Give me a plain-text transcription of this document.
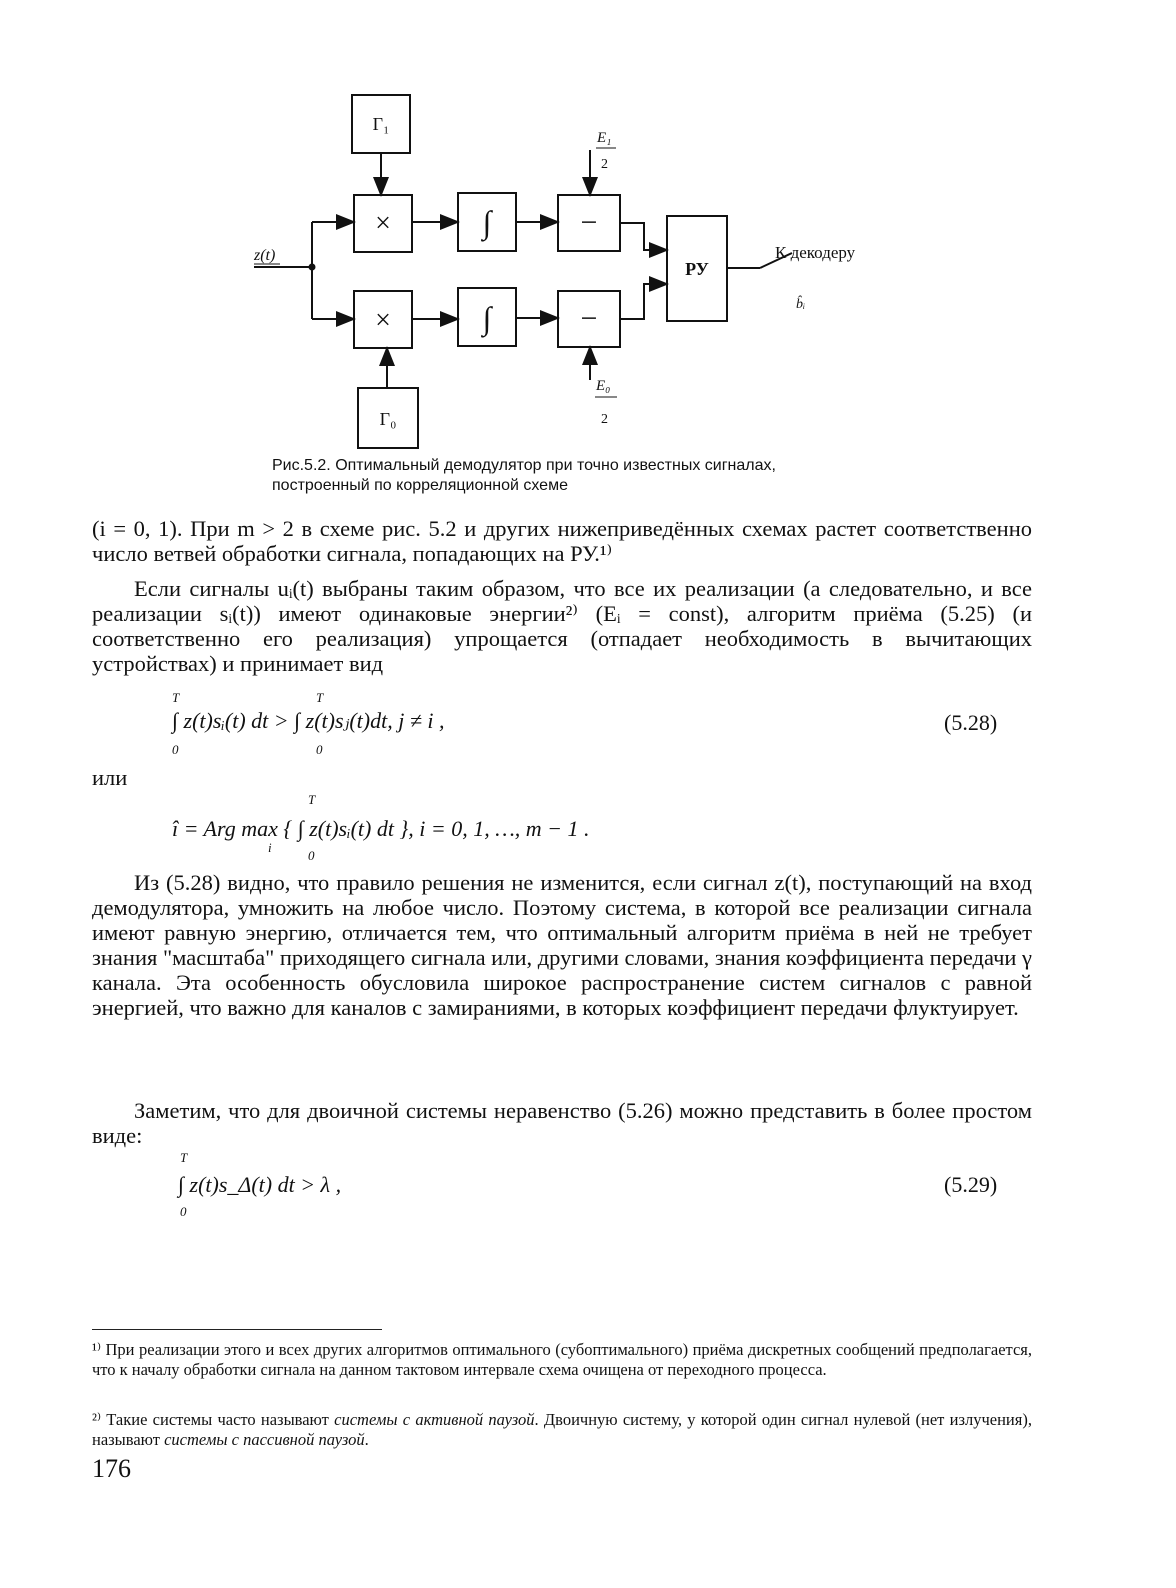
Г₁
Г₀
×
×
∫
∫
−
−
РУ
z(t)
E₁
2
E₀
2
К декодеру
b̂ᵢ
Рис.5.2. Оптимальный демодулятор при точно известных сигналах,
построенный по корреляционной схеме
(i = 0, 1). При m > 2 в схеме рис. 5.2 и других нижеприведённых схемах растет соответственно число ветвей обработки сигнала, попадающих на РУ.¹⁾
Если сигналы uᵢ(t) выбраны таким образом, что все их реализации (а следовательно, и все реализации sᵢ(t)) имеют одинаковые энергии²⁾ (Eᵢ = const), алгоритм приёма (5.25) (и соответственно его реализация) упрощается (отпадает необходимость в вычитающих устройствах) и принимает вид
T	T
0	0
∫ z(t)sᵢ(t) dt > ∫ z(t)sⱼ(t)dt, j ≠ i ,	(5.28)
или
T
0
i
î = Arg max { ∫ z(t)sᵢ(t) dt }, i = 0, 1, …, m − 1 .
Из (5.28) видно, что правило решения не изменится, если сигнал z(t), поступающий на вход демодулятора, умножить на любое число. Поэтому система, в которой все реализации сигнала имеют равную энергию, отличается тем, что оптимальный алгоритм приёма в ней не требует знания "масштаба" приходящего сигнала или, другими словами, знания коэффициента передачи γ канала. Эта особенность обусловила широкое распространение систем сигналов с равной энергией, что важно для каналов с замираниями, в которых коэффициент передачи флуктуирует.
Заметим, что для двоичной системы неравенство (5.26) можно представить в более простом виде:
T
0
∫ z(t)s_Δ(t) dt > λ ,	(5.29)
¹⁾ При реализации этого и всех других алгоритмов оптимального (субоптимального) приёма дискретных сообщений предполагается, что к началу обработки сигнала на данном тактовом интервале схема очищена от переходного процесса.
²⁾ Такие системы часто называют системы с активной паузой. Двоичную систему, у которой один сигнал нулевой (нет излучения), называют системы с пассивной паузой.
176
